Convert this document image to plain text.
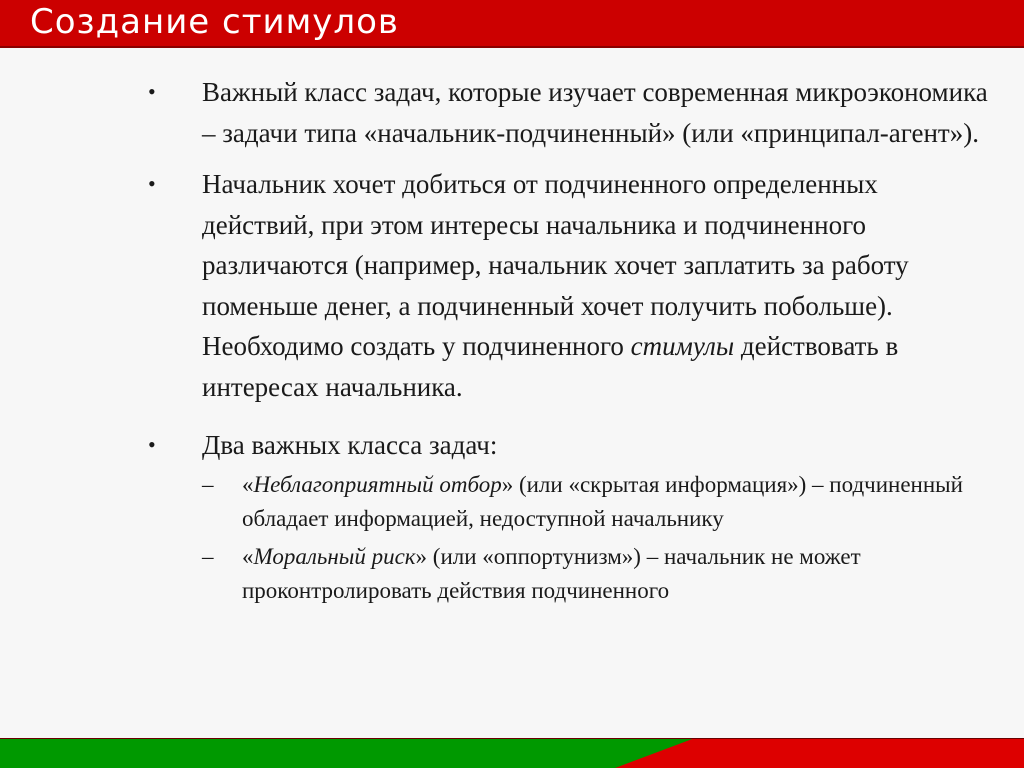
Создание стимулов
• Важный класс задач, которые изучает современная микроэкономика – задачи типа «начальник-подчиненный» (или «принципал-агент»).
• Начальник хочет добиться от подчиненного определенных действий, при этом интересы начальника и подчиненного различаются (например, начальник хочет заплатить за работу поменьше денег, а подчиненный хочет получить побольше). Необходимо создать у подчиненного стимулы действовать в интересах начальника.
• Два важных класса задач:
– «Неблагоприятный отбор» (или «скрытая информация») – подчиненный обладает информацией, недоступной начальнику
– «Моральный риск» (или «оппортунизм») – начальник не может проконтролировать действия подчиненного
